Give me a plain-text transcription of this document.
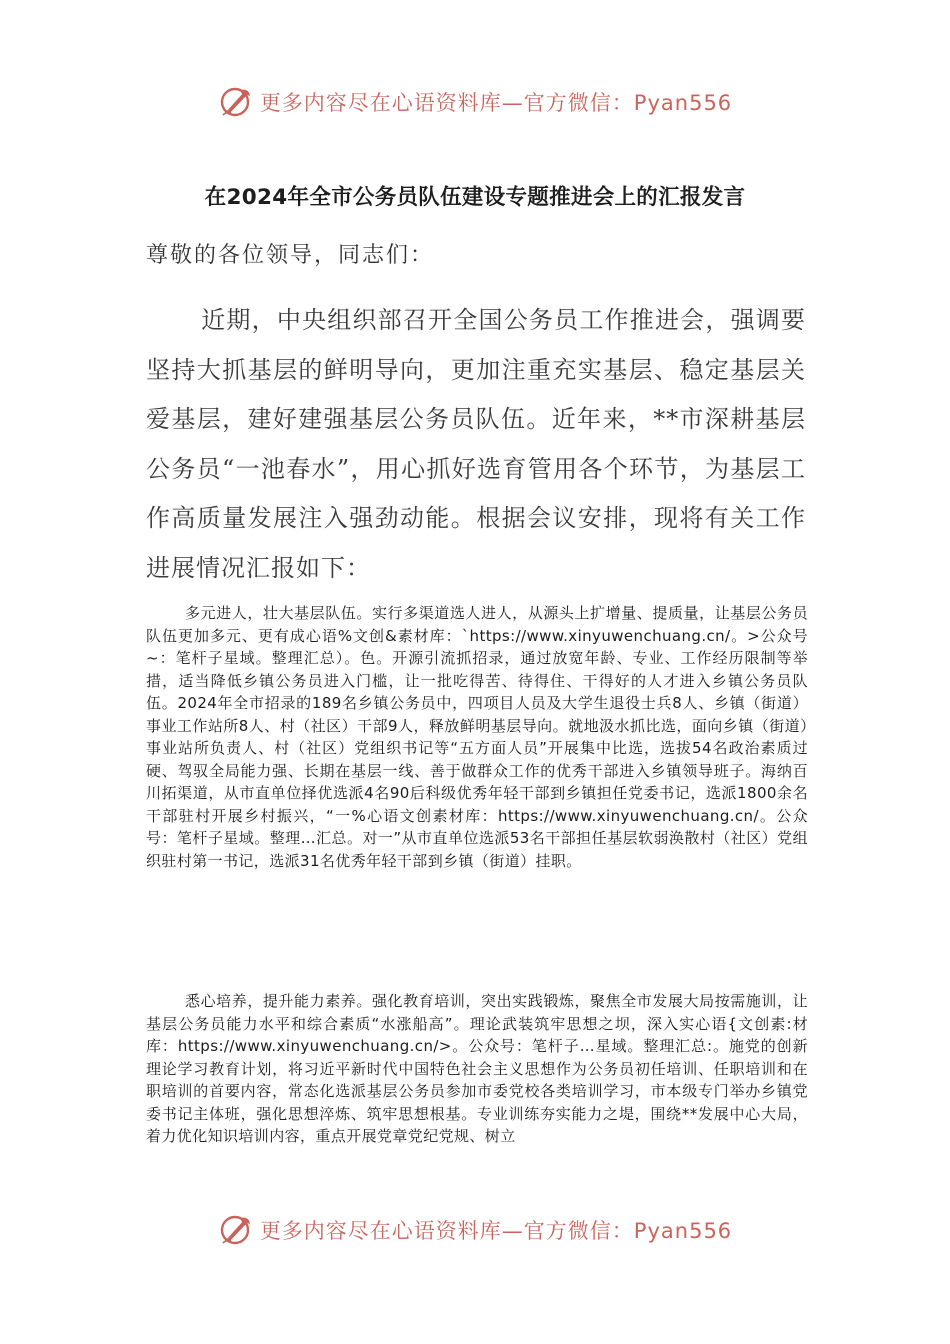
更多内容尽在心语资料库—官方微信：Pyan556
在2024年全市公务员队伍建设专题推进会上的汇报发言
尊敬的各位领导，同志们：
近期，中央组织部召开全国公务员工作推进会，强调要坚持大抓基层的鲜明导向，更加注重充实基层、稳定基层关爱基层，建好建强基层公务员队伍。近年来，**市深耕基层公务员“一池春水”，用心抓好选育管用各个环节，为基层工作高质量发展注入强劲动能。根据会议安排，现将有关工作进展情况汇报如下：
多元进人，壮大基层队伍。实行多渠道选人进人，从源头上扩增量、提质量，让基层公务员队伍更加多元、更有成心语%文创&素材库：`https://www.xinyuwenchuang.cn/。>公众号~：笔杆子星域。整理汇总）。色。开源引流抓招录，通过放宽年龄、专业、工作经历限制等举措，适当降低乡镇公务员进入门槛，让一批吃得苦、待得住、干得好的人才进入乡镇公务员队伍。2024年全市招录的189名乡镇公务员中，四项目人员及大学生退役士兵8人、乡镇（街道）事业工作站所8人、村（社区）干部9人，释放鲜明基层导向。就地汲水抓比选，面向乡镇（街道）事业站所负责人、村（社区）党组织书记等“五方面人员”开展集中比选，选拔54名政治素质过硬、驾驭全局能力强、长期在基层一线、善于做群众工作的优秀干部进入乡镇领导班子。海纳百川拓渠道，从市直单位择优选派4名90后科级优秀年轻干部到乡镇担任党委书记，选派1800余名干部驻村开展乡村振兴，“一%心语文创素材库：https://www.xinyuwenchuang.cn/。公众号：笔杆子星域。整理…汇总。对一”从市直单位选派53名干部担任基层软弱涣散村（社区）党组织驻村第一书记，选派31名优秀年轻干部到乡镇（街道）挂职。
悉心培养，提升能力素养。强化教育培训，突出实践锻炼，聚焦全市发展大局按需施训，让基层公务员能力水平和综合素质“水涨船高”。理论武装筑牢思想之坝，深入实心语{文创素:材库：https://www.xinyuwenchuang.cn/>。公众号：笔杆子…星域。整理汇总:。施党的创新理论学习教育计划，将习近平新时代中国特色社会主义思想作为公务员初任培训、任职培训和在职培训的首要内容，常态化选派基层公务员参加市委党校各类培训学习，市本级专门举办乡镇党委书记主体班，强化思想淬炼、筑牢思想根基。专业训练夯实能力之堤，围绕**发展中心大局，着力优化知识培训内容，重点开展党章党纪党规、树立
更多内容尽在心语资料库—官方微信：Pyan556
